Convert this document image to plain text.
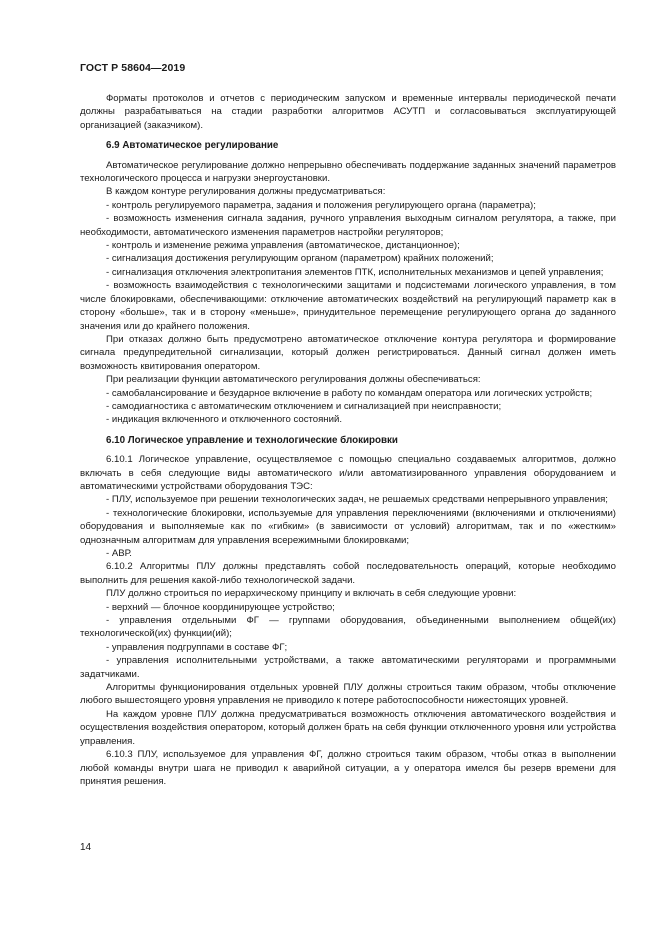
ГОСТ Р 58604—2019

Форматы протоколов и отчетов с периодическим запуском и временные интервалы периодической печати должны разрабатываться на стадии разработки алгоритмов АСУТП и согласовываться эксплуатирующей организацией (заказчиком).

6.9 Автоматическое регулирование

Автоматическое регулирование должно непрерывно обеспечивать поддержание заданных значений параметров технологического процесса и нагрузки энергоустановки.

В каждом контуре регулирования должны предусматриваться:

- контроль регулируемого параметра, задания и положения регулирующего органа (параметра);

- возможность изменения сигнала задания, ручного управления выходным сигналом регулятора, а также, при необходимости, автоматического изменения параметров настройки регуляторов;

- контроль и изменение режима управления (автоматическое, дистанционное);

- сигнализация достижения регулирующим органом (параметром) крайних положений;

- сигнализация отключения электропитания элементов ПТК, исполнительных механизмов и цепей управления;

- возможность взаимодействия с технологическими защитами и подсистемами логического управления, в том числе блокировками, обеспечивающими: отключение автоматических воздействий на регулирующий параметр как в сторону «больше», так и в сторону «меньше», принудительное перемещение регулирующего органа до заданного значения или до крайнего положения.

При отказах должно быть предусмотрено автоматическое отключение контура регулятора и формирование сигнала предупредительной сигнализации, который должен регистрироваться. Данный сигнал должен иметь возможность квитирования оператором.

При реализации функции автоматического регулирования должны обеспечиваться:

- самобалансирование и безударное включение в работу по командам оператора или логических устройств;

- самодиагностика с автоматическим отключением и сигнализацией при неисправности;

- индикация включенного и отключенного состояний.

6.10 Логическое управление и технологические блокировки

6.10.1 Логическое управление, осуществляемое с помощью специально создаваемых алгоритмов, должно включать в себя следующие виды автоматического и/или автоматизированного управления оборудованием и автоматическими устройствами оборудования ТЭС:

- ПЛУ, используемое при решении технологических задач, не решаемых средствами непрерывного управления;

- технологические блокировки, используемые для управления переключениями (включениями и отключениями) оборудования и выполняемые как по «гибким» (в зависимости от условий) алгоритмам, так и по «жестким» однозначным алгоритмам для управления всережимными блокировками;

- АВР.

6.10.2 Алгоритмы ПЛУ должны представлять собой последовательность операций, которые необходимо выполнить для решения какой-либо технологической задачи.

ПЛУ должно строиться по иерархическому принципу и включать в себя следующие уровни:

- верхний — блочное координирующее устройство;

- управления отдельными ФГ — группами оборудования, объединенными выполнением общей(их) технологической(их) функции(ий);

- управления подгруппами в составе ФГ;

- управления исполнительными устройствами, а также автоматическими регуляторами и программными задатчиками.

Алгоритмы функционирования отдельных уровней ПЛУ должны строиться таким образом, чтобы отключение любого вышестоящего уровня управления не приводило к потере работоспособности нижестоящих уровней.

На каждом уровне ПЛУ должна предусматриваться возможность отключения автоматического воздействия и осуществления воздействия оператором, который должен брать на себя функции отключенного уровня или устройства управления.

6.10.3 ПЛУ, используемое для управления ФГ, должно строиться таким образом, чтобы отказ в выполнении любой команды внутри шага не приводил к аварийной ситуации, а у оператора имелся бы резерв времени для принятия решения.

14
